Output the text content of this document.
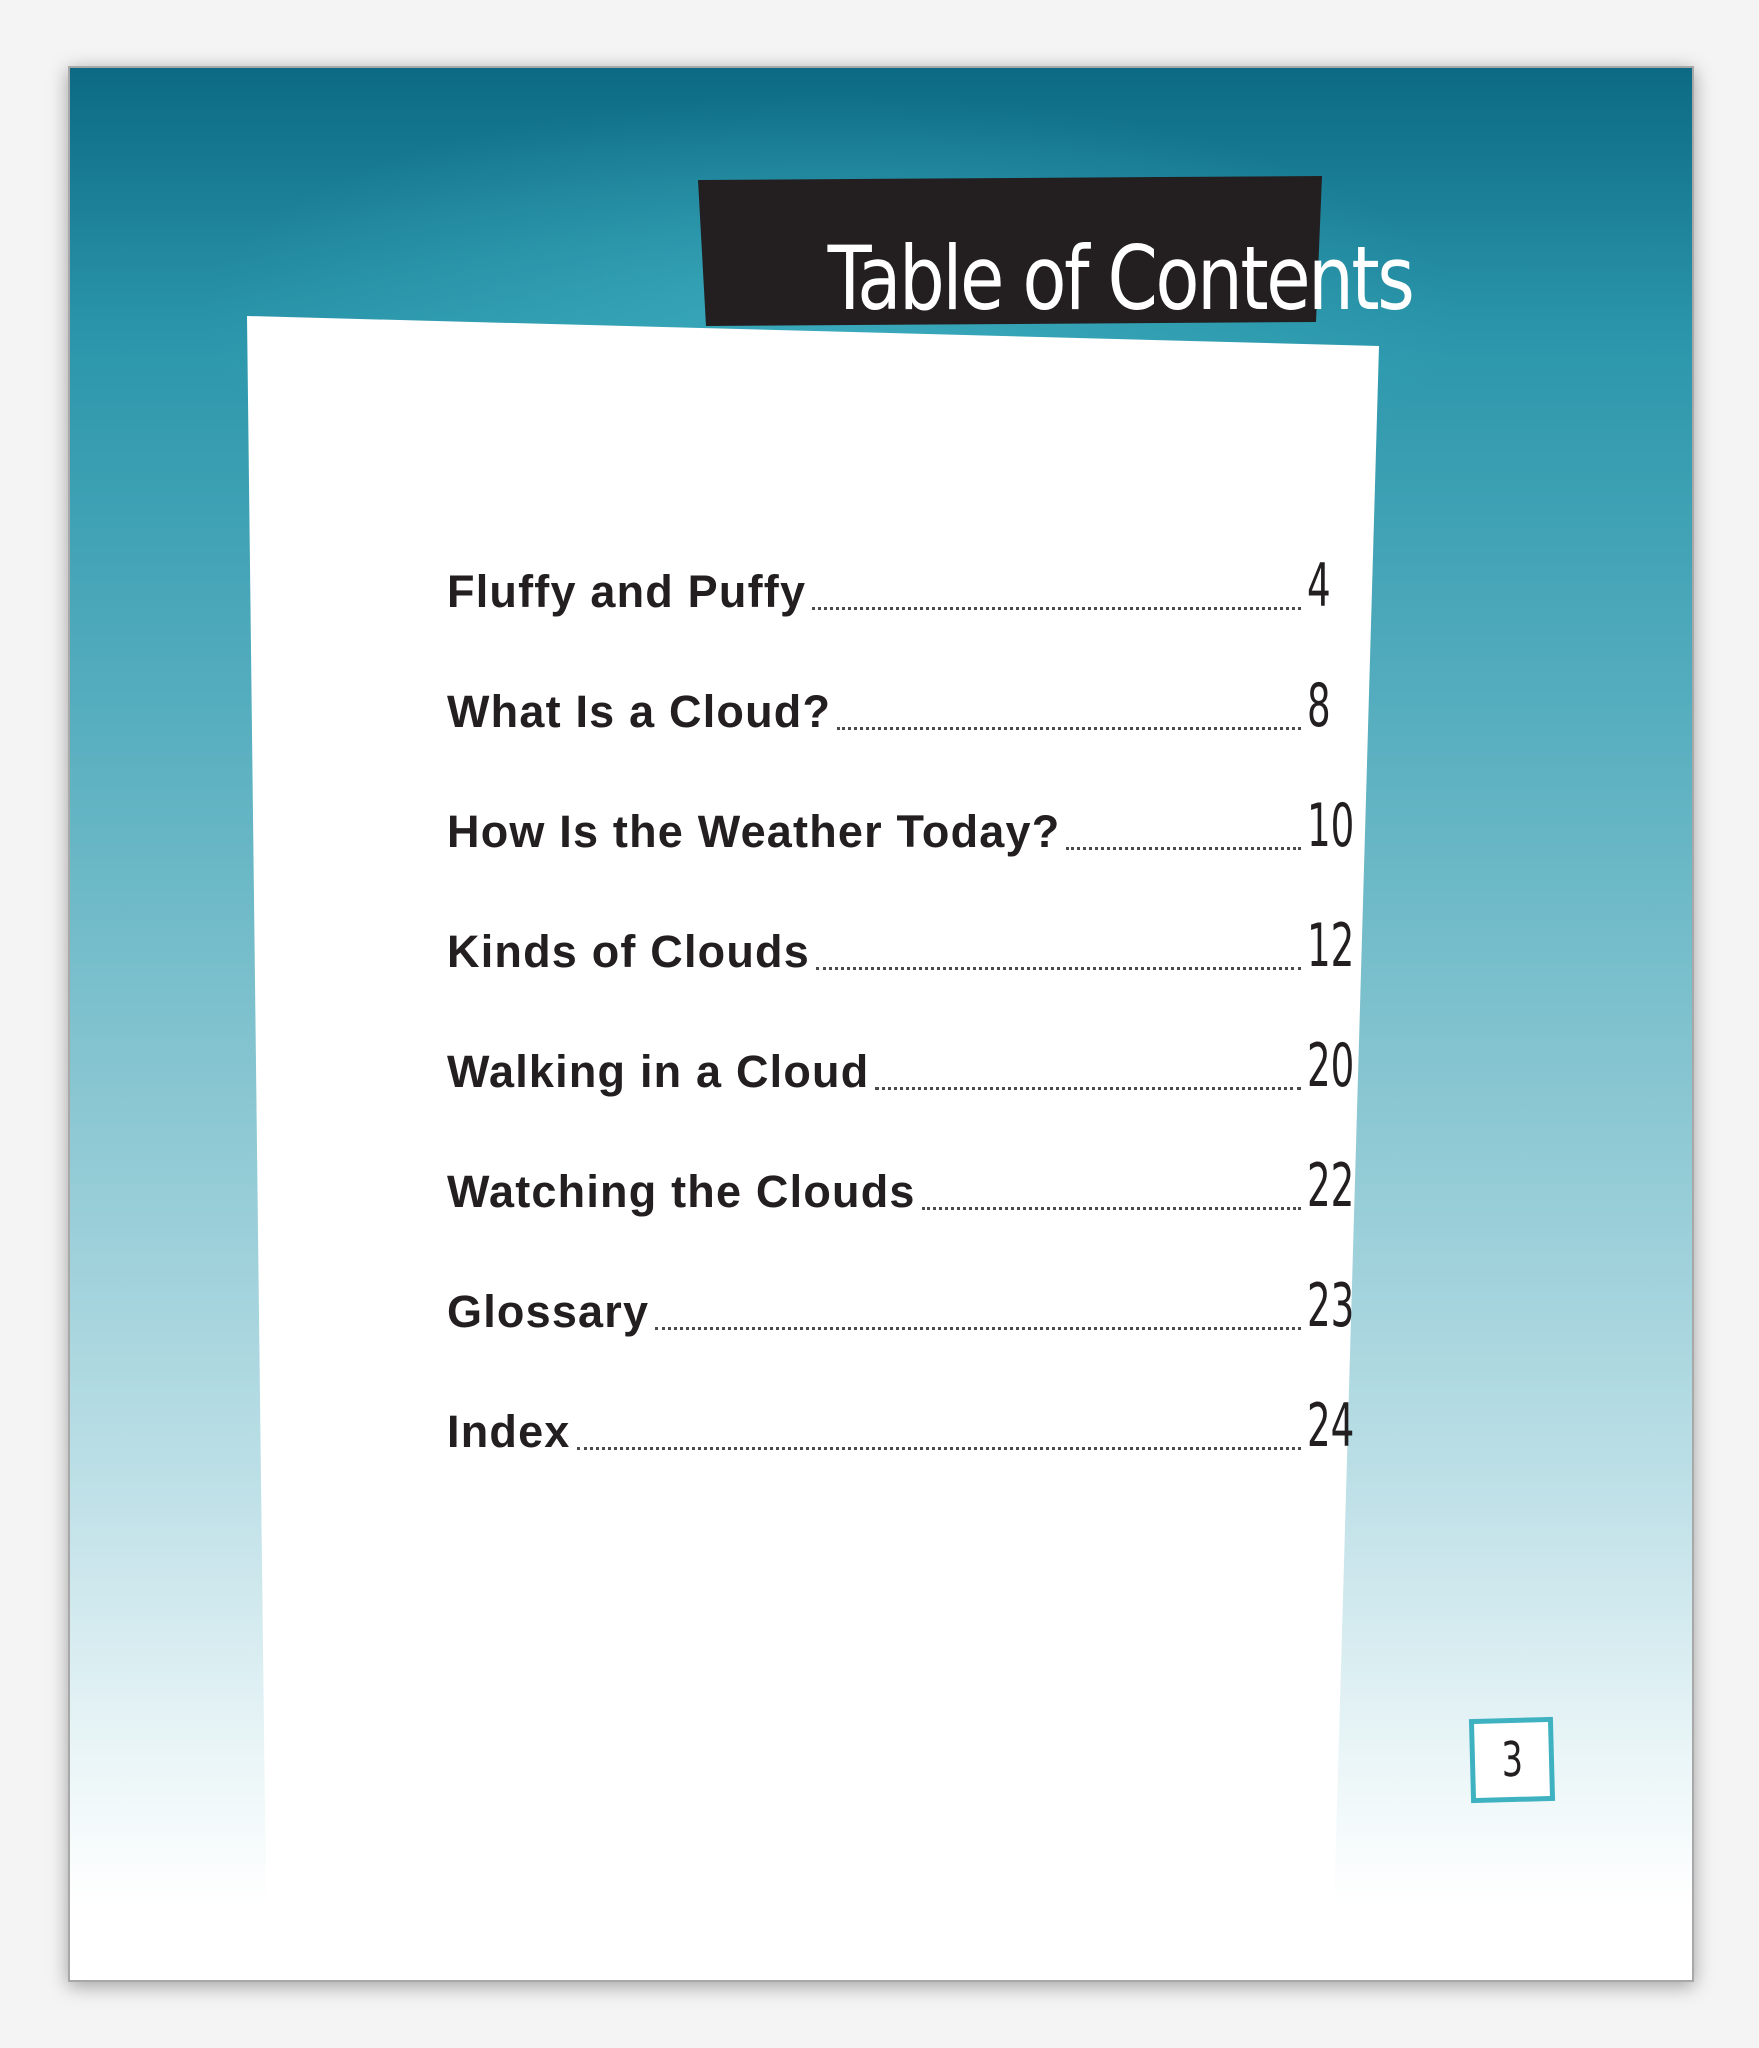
Table of Contents
Fluffy and Puffy	4
What Is a Cloud?	8
How Is the Weather Today?	10
Kinds of Clouds	12
Walking in a Cloud	20
Watching the Clouds	22
Glossary	23
Index	24
3
